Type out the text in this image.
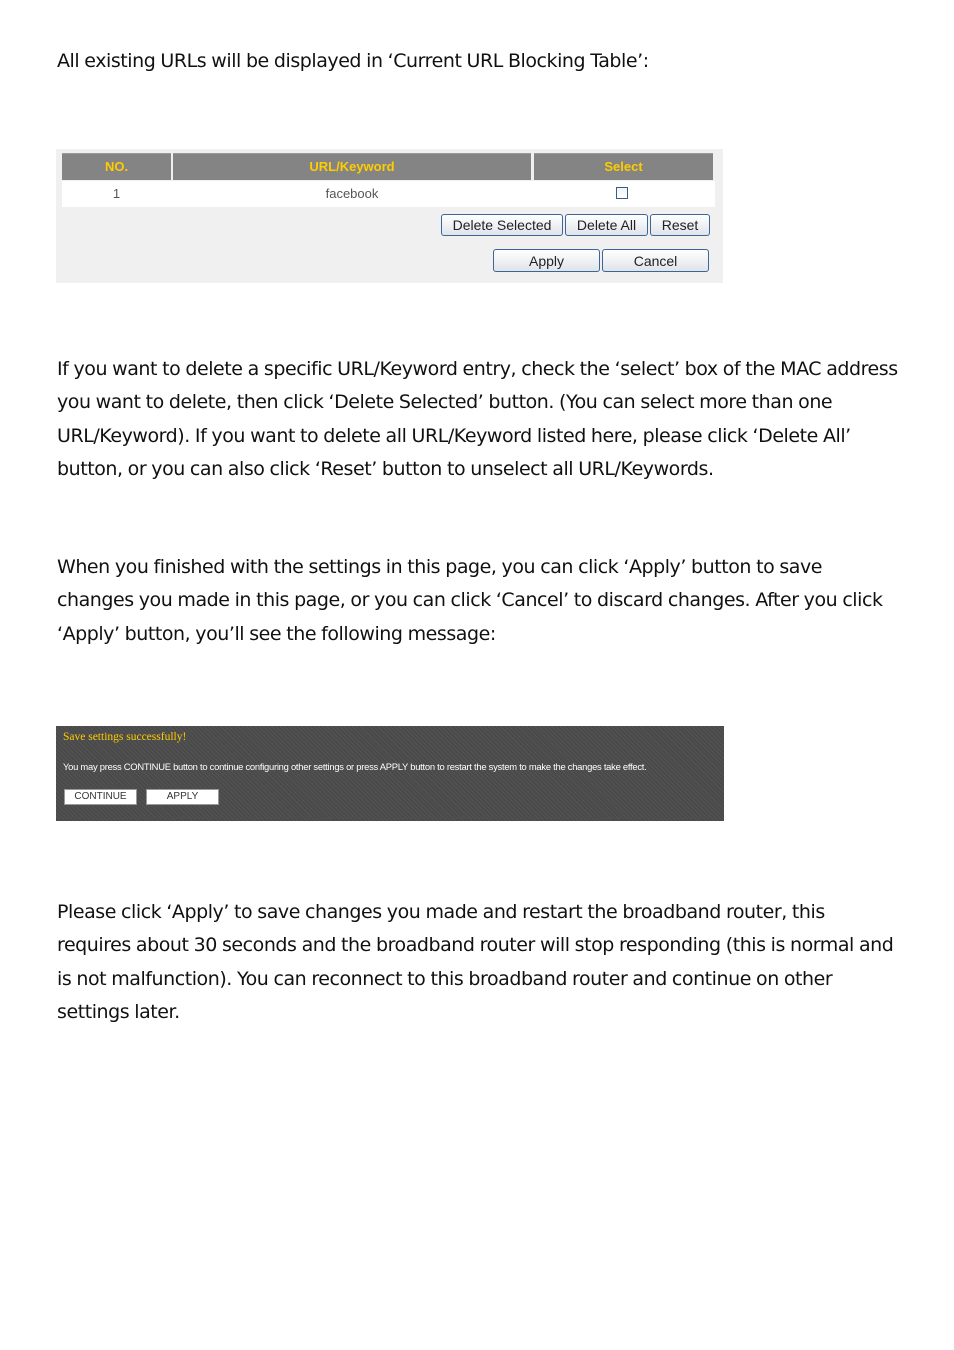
All existing URLs will be displayed in ‘Current URL Blocking Table’:

NO.	URL/Keyword	Select
1	facebook
Delete Selected	Delete All	Reset
Apply	Cancel

If you want to delete a specific URL/Keyword entry, check the ‘select’ box of the MAC address you want to delete, then click ‘Delete Selected’ button. (You can select more than one URL/Keyword). If you want to delete all URL/Keyword listed here, please click ‘Delete All’ button, or you can also click ‘Reset’ button to unselect all URL/Keywords.

When you finished with the settings in this page, you can click ‘Apply’ button to save changes you made in this page, or you can click ‘Cancel’ to discard changes. After you click ‘Apply’ button, you’ll see the following message:

Save settings successfully!
You may press CONTINUE button to continue configuring other settings or press APPLY button to restart the system to make the changes take effect.
CONTINUE	APPLY

Please click ‘Apply’ to save changes you made and restart the broadband router, this requires about 30 seconds and the broadband router will stop responding (this is normal and is not malfunction). You can reconnect to this broadband router and continue on other settings later.
